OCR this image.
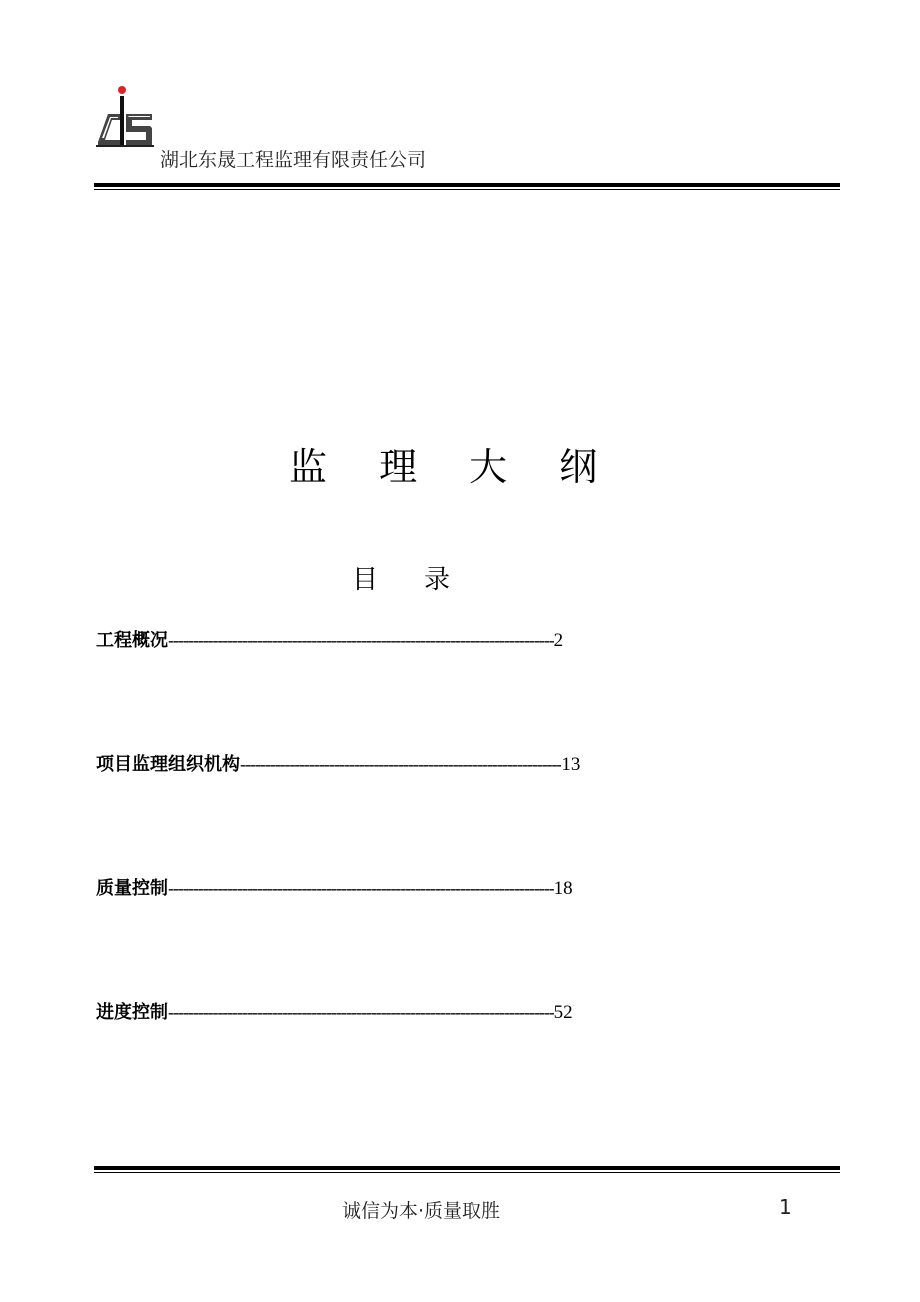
湖北东晟工程监理有限责任公司
监 理 大 纲
目 录
工程概况 ------------------------------------------------------------------------------ 2
项目监理组织机构 ----------------------------------------------------------------- 13
质量控制 ------------------------------------------------------------------------------ 18
进度控制 ------------------------------------------------------------------------------ 52
诚信为本·质量取胜	1
